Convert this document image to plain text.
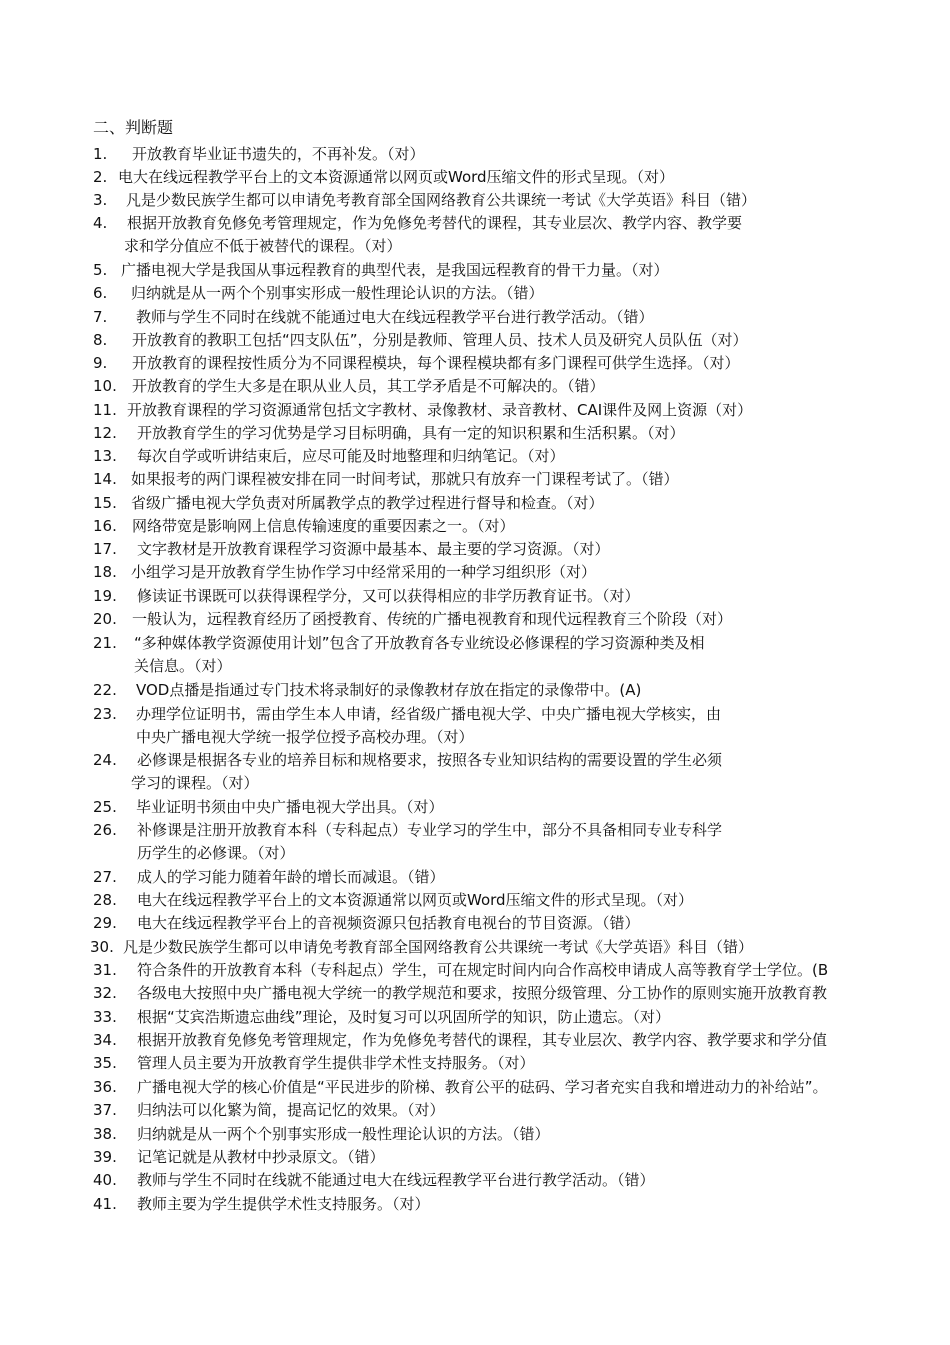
二、判断题
1. 开放教育毕业证书遗失的，不再补发。（对）
2. 电大在线远程教学平台上的文本资源通常以网页或Word压缩文件的形式呈现。（对）
3. 凡是少数民族学生都可以申请免考教育部全国网络教育公共课统一考试《大学英语》科目（错）
4. 根据开放教育免修免考管理规定，作为免修免考替代的课程，其专业层次、教学内容、教学要
求和学分值应不低于被替代的课程。（对）
5. 广播电视大学是我国从事远程教育的典型代表，是我国远程教育的骨干力量。（对）
6. 归纳就是从一两个个别事实形成一般性理论认识的方法。（错）
7. 教师与学生不同时在线就不能通过电大在线远程教学平台进行教学活动。（错）
8. 开放教育的教职工包括“四支队伍”，分别是教师、管理人员、技术人员及研究人员队伍（对）
9. 开放教育的课程按性质分为不同课程模块，每个课程模块都有多门课程可供学生选择。（对）
10. 开放教育的学生大多是在职从业人员，其工学矛盾是不可解决的。（错）
11. 开放教育课程的学习资源通常包括文字教材、录像教材、录音教材、CAI课件及网上资源（对）
12. 开放教育学生的学习优势是学习目标明确，具有一定的知识积累和生活积累。（对）
13. 每次自学或听讲结束后，应尽可能及时地整理和归纳笔记。（对）
14. 如果报考的两门课程被安排在同一时间考试，那就只有放弃一门课程考试了。（错）
15. 省级广播电视大学负责对所属教学点的教学过程进行督导和检查。（对）
16. 网络带宽是影响网上信息传输速度的重要因素之一。（对）
17. 文字教材是开放教育课程学习资源中最基本、最主要的学习资源。（对）
18. 小组学习是开放教育学生协作学习中经常采用的一种学习组织形（对）
19. 修读证书课既可以获得课程学分，又可以获得相应的非学历教育证书。（对）
20. 一般认为，远程教育经历了函授教育、传统的广播电视教育和现代远程教育三个阶段（对）
21. “多种媒体教学资源使用计划”包含了开放教育各专业统设必修课程的学习资源种类及相
关信息。（对）
22. VOD点播是指通过专门技术将录制好的录像教材存放在指定的录像带中。(A)
23. 办理学位证明书，需由学生本人申请，经省级广播电视大学、中央广播电视大学核实，由
中央广播电视大学统一报学位授予高校办理。（对）
24. 必修课是根据各专业的培养目标和规格要求，按照各专业知识结构的需要设置的学生必须
学习的课程。（对）
25. 毕业证明书须由中央广播电视大学出具。（对）
26. 补修课是注册开放教育本科（专科起点）专业学习的学生中，部分不具备相同专业专科学
历学生的必修课。（对）
27. 成人的学习能力随着年龄的增长而减退。（错）
28. 电大在线远程教学平台上的文本资源通常以网页或Word压缩文件的形式呈现。（对）
29. 电大在线远程教学平台上的音视频资源只包括教育电视台的节目资源。（错）
30. 凡是少数民族学生都可以申请免考教育部全国网络教育公共课统一考试《大学英语》科目（错）
31. 符合条件的开放教育本科（专科起点）学生，可在规定时间内向合作高校申请成人高等教育学士学位。(B
32. 各级电大按照中央广播电视大学统一的教学规范和要求，按照分级管理、分工协作的原则实施开放教育教
33. 根据“艾宾浩斯遗忘曲线”理论，及时复习可以巩固所学的知识，防止遗忘。（对）
34. 根据开放教育免修免考管理规定，作为免修免考替代的课程，其专业层次、教学内容、教学要求和学分值
35. 管理人员主要为开放教育学生提供非学术性支持服务。（对）
36. 广播电视大学的核心价值是“平民进步的阶梯、教育公平的砝码、学习者充实自我和增进动力的补给站”。
37. 归纳法可以化繁为简，提高记忆的效果。（对）
38. 归纳就是从一两个个别事实形成一般性理论认识的方法。（错）
39. 记笔记就是从教材中抄录原文。（错）
40. 教师与学生不同时在线就不能通过电大在线远程教学平台进行教学活动。（错）
41. 教师主要为学生提供学术性支持服务。（对）
